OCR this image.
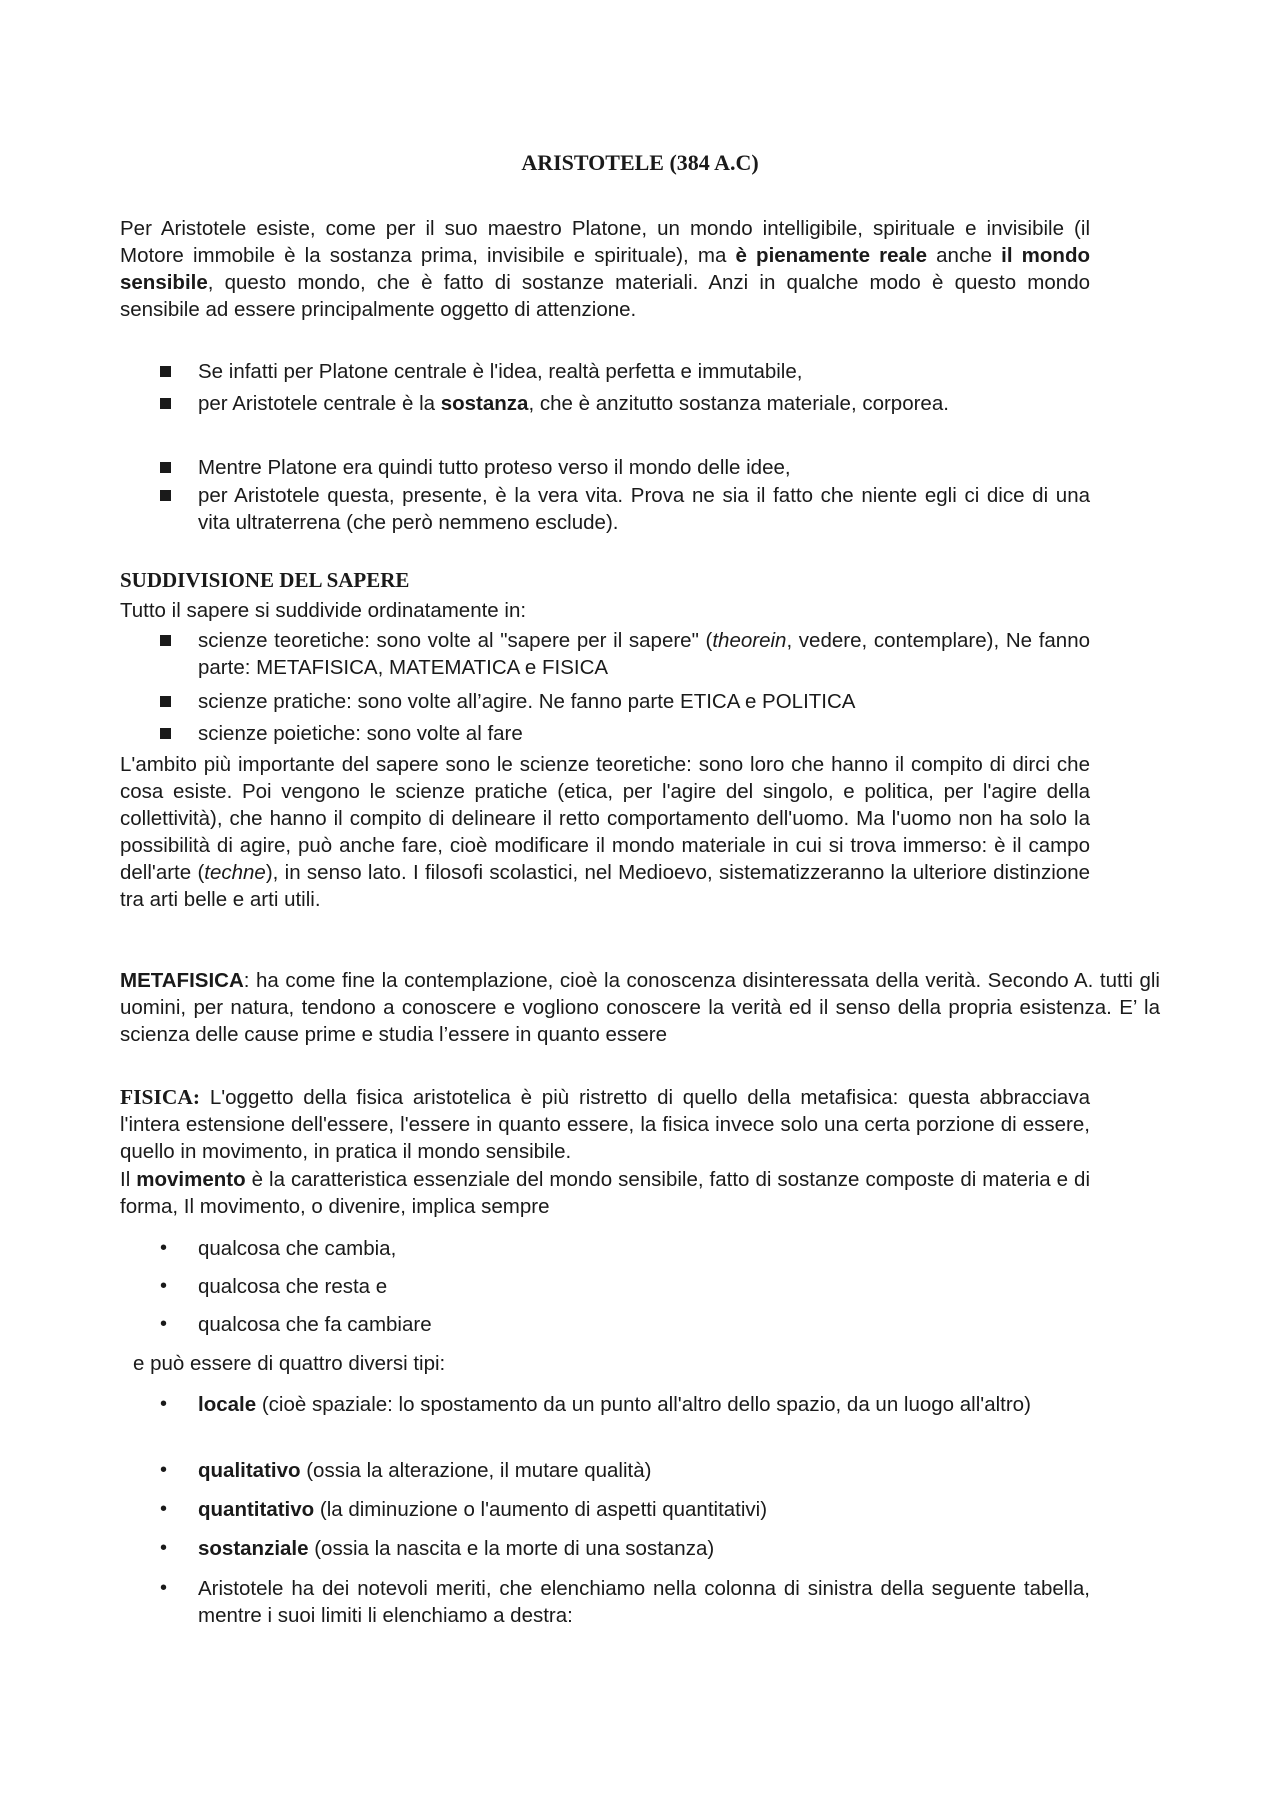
ARISTOTELE (384 A.C)
Per Aristotele esiste, come per il suo maestro Platone, un mondo intelligibile, spirituale e invisibile (il Motore immobile è la sostanza prima, invisibile e spirituale), ma è pienamente reale anche il mondo sensibile, questo mondo, che è fatto di sostanze materiali. Anzi in qualche modo è questo mondo sensibile ad essere principalmente oggetto di attenzione.
Se infatti per Platone centrale è l'idea, realtà perfetta e immutabile,
per Aristotele centrale è la sostanza, che è anzitutto sostanza materiale, corporea.
Mentre Platone era quindi tutto proteso verso il mondo delle idee,
per Aristotele questa, presente, è la vera vita. Prova ne sia il fatto che niente egli ci dice di una vita ultraterrena (che però nemmeno esclude).
SUDDIVISIONE DEL SAPERE
Tutto il sapere si suddivide ordinatamente in:
scienze teoretiche: sono volte al "sapere per il sapere" (theorein, vedere, contemplare), Ne fanno parte: METAFISICA, MATEMATICA e FISICA
scienze pratiche: sono volte all’agire. Ne fanno parte ETICA e POLITICA
scienze poietiche: sono volte al fare
L'ambito più importante del sapere sono le scienze teoretiche: sono loro che hanno il compito di dirci che cosa esiste. Poi vengono le scienze pratiche (etica, per l'agire del singolo, e politica, per l'agire della collettività), che hanno il compito di delineare il retto comportamento dell'uomo. Ma l'uomo non ha solo la possibilità di agire, può anche fare, cioè modificare il mondo materiale in cui si trova immerso: è il campo dell'arte (techne), in senso lato. I filosofi scolastici, nel Medioevo, sistematizzeranno la ulteriore distinzione tra arti belle e arti utili.
METAFISICA: ha come fine la contemplazione, cioè la conoscenza disinteressata della verità. Secondo A. tutti gli uomini, per natura, tendono a conoscere e vogliono conoscere la verità ed il senso della propria esistenza. E’ la scienza delle cause prime e studia l’essere in quanto essere
FISICA: L'oggetto della fisica aristotelica è più ristretto di quello della metafisica: questa abbracciava l'intera estensione dell'essere, l'essere in quanto essere, la fisica invece solo una certa porzione di essere, quello in movimento, in pratica il mondo sensibile.
Il movimento è la caratteristica essenziale del mondo sensibile, fatto di sostanze composte di materia e di forma, Il movimento, o divenire, implica sempre
• qualcosa che cambia,
• qualcosa che resta e
• qualcosa che fa cambiare
e può essere di quattro diversi tipi:
• locale (cioè spaziale: lo spostamento da un punto all'altro dello spazio, da un luogo all'altro)
• qualitativo (ossia la alterazione, il mutare qualità)
• quantitativo (la diminuzione o l'aumento di aspetti quantitativi)
• sostanziale (ossia la nascita e la morte di una sostanza)
• Aristotele ha dei notevoli meriti, che elenchiamo nella colonna di sinistra della seguente tabella, mentre i suoi limiti li elenchiamo a destra:
